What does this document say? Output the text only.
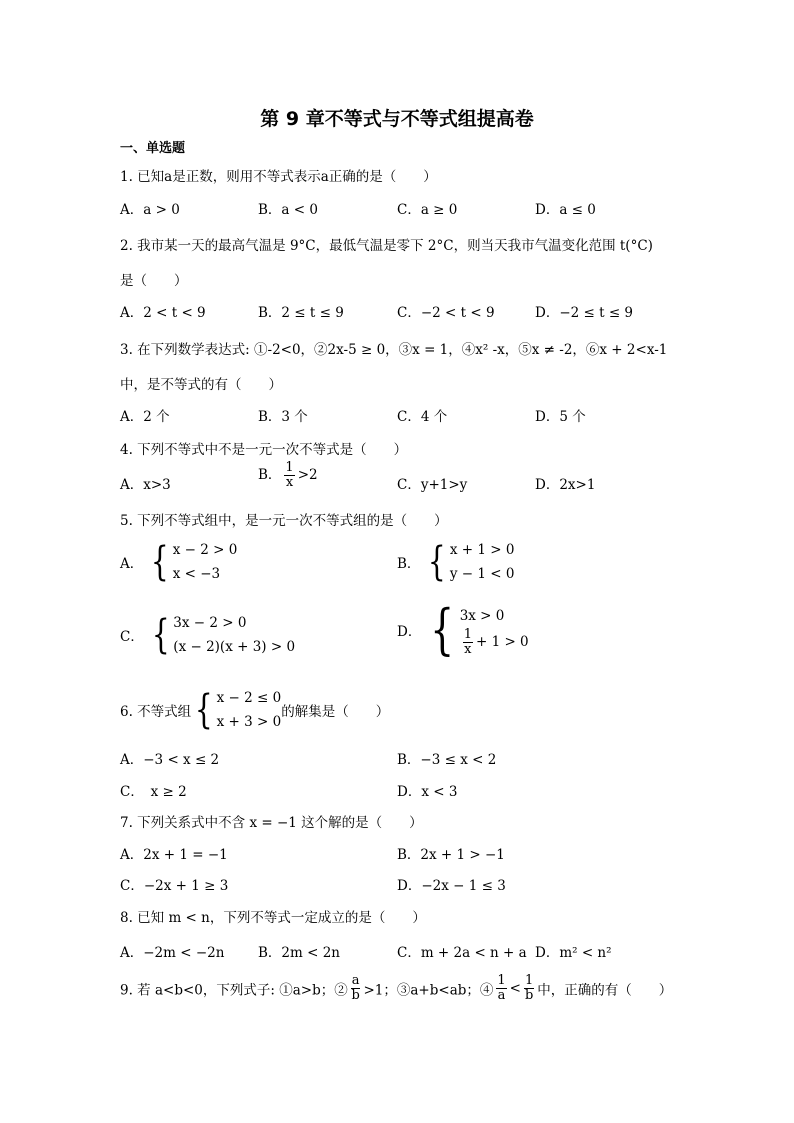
第 9 章不等式与不等式组提高卷
一、单选题
1. 已知a是正数，则用不等式表示a正确的是（　　）
A．a > 0	B．a < 0	C．a ≥ 0	D．a ≤ 0
2. 我市某一天的最高气温是 9°C，最低气温是零下 2°C，则当天我市气温变化范围 t(°C)
是（　　）
A．2 < t < 9	B．2 ≤ t ≤ 9	C．−2 < t < 9	D．−2 ≤ t ≤ 9
3. 在下列数学表达式: ①-2<0，②2x-5 ≥ 0，③x = 1，④x² -x，⑤x ≠ -2，⑥x + 2<x-1
中，是不等式的有（　　）
A．2 个	B．3 个	C．4 个	D．5 个
4. 下列不等式中不是一元一次不等式是（　　）
A．x>3
B． $\frac{1}{x} >2$
C．y+1>y	D．2x>1
5. 下列不等式组中，是一元一次不等式组的是（　　）
A． { x − 2 > 0
x < −3
B． { x + 1 > 0
y − 1 < 0
C． { 3x − 2 > 0
(x − 2)(x + 3) > 0
D． { 3x > 0
$\frac{1}{x} + 1 > 0$
6. 不等式组{ x − 2 ≤ 0
x + 3 > 0
的解集是（　　）
A．−3 < x ≤ 2	B．−3 ≤ x < 2
C．　x ≥ 2	D．x < 3
7. 下列关系式中不含 x = −1 这个解的是（　　）
A．2x + 1 = −1	B．2x + 1 > −1
C．−2x + 1 ≥ 3	D．−2x − 1 ≤ 3
8. 已知 m < n，下列不等式一定成立的是（　　）
A．−2m < −2n B．2m < 2n	C．m + 2a < n + a D．m² < n²
9. 若 a<b<0，下列式子: ①a>b；② $\frac{a}{b} >1$；③a+b<ab；④ $\frac{1}{a} < \frac{1}{b}$ 中，正确的有（　　）
